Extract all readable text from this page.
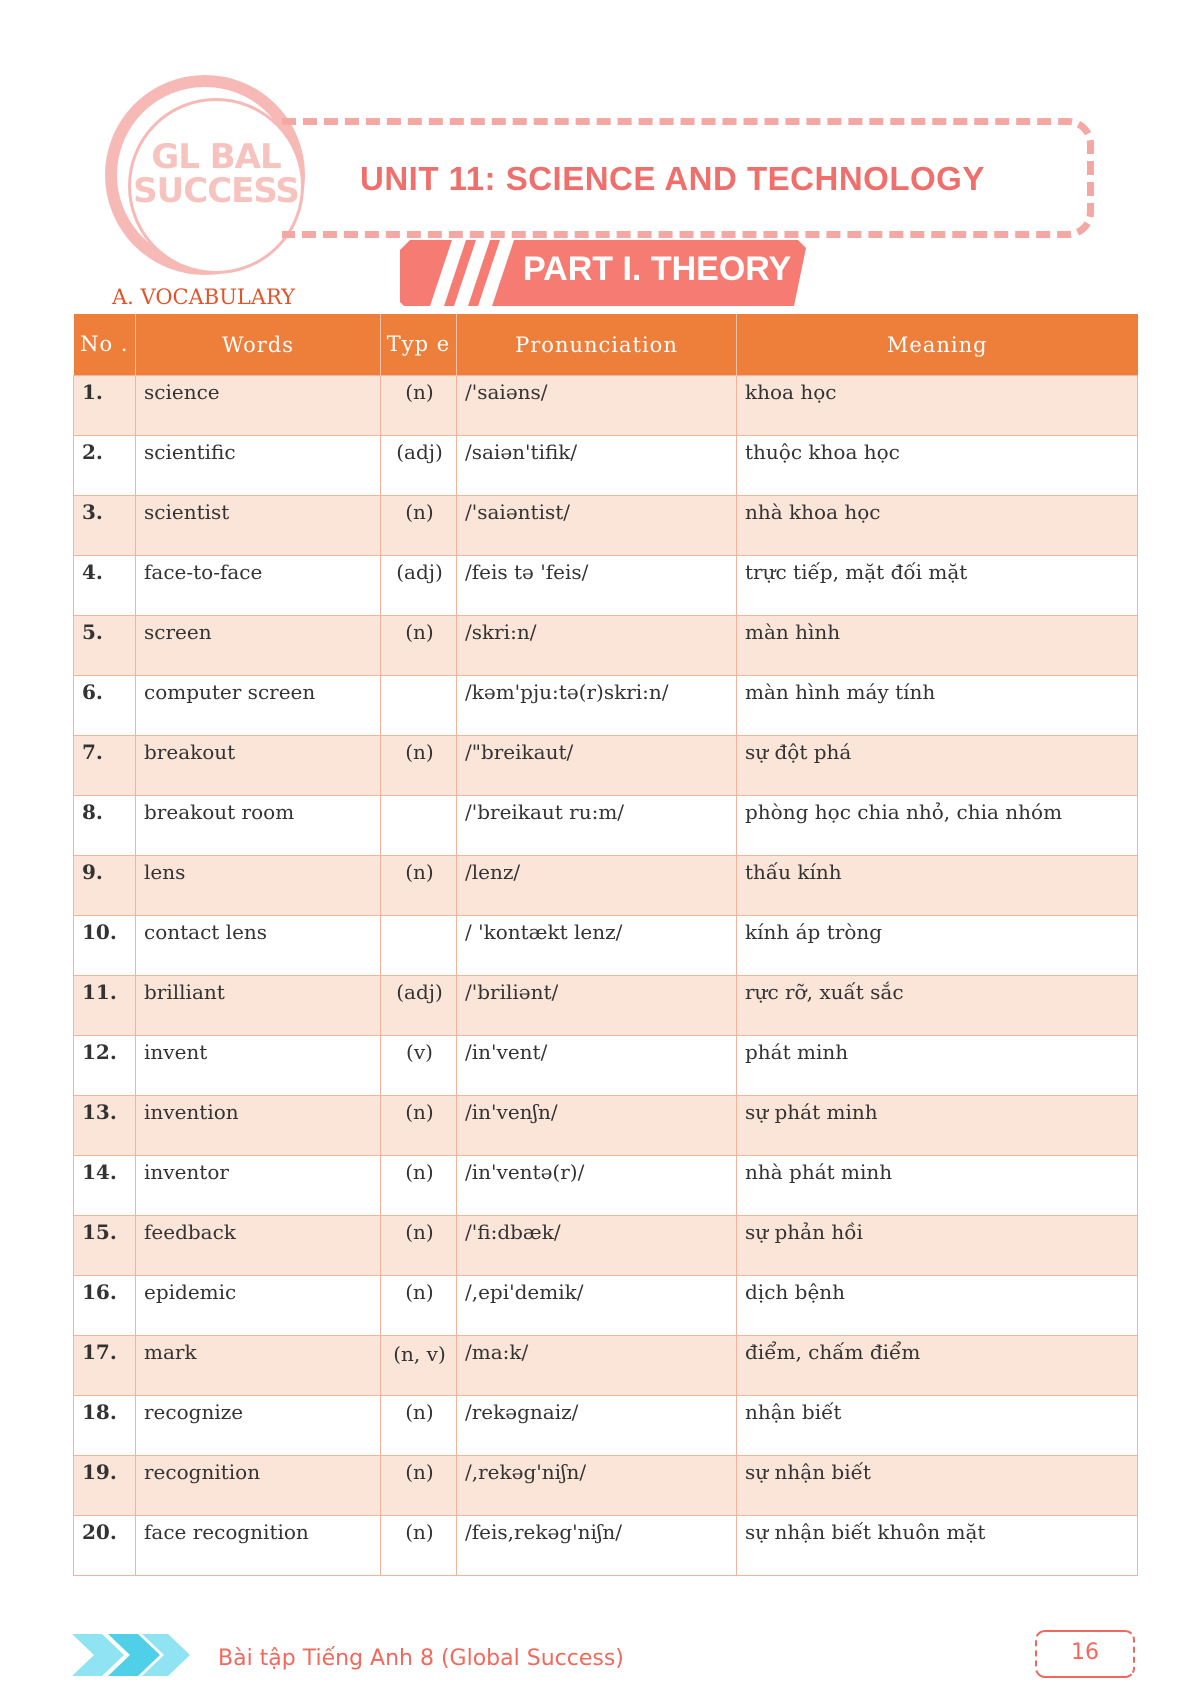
GL BAL
SUCCESS UNIT 11: SCIENCE AND TECHNOLOGY
PART I. THEORY
A. VOCABULARY
No .	Words	Typ e	Pronunciation	Meaning
1.	science	(n)	/'saiəns/	khoa học
2.	scientific	(adj)	/saiən'tifik/	thuộc khoa học
3.	scientist	(n)	/'saiəntist/	nhà khoa học
4.	face-to-face	(adj)	/feis tə 'feis/	trực tiếp, mặt đối mặt
5.	screen	(n)	/skri:n/	màn hình
6.	computer screen		/kəm'pju:tə(r)skri:n/	màn hình máy tính
7.	breakout	(n)	/"breikaut/	sự đột phá
8.	breakout room		/'breikaut ru:m/	phòng học chia nhỏ, chia nhóm
9.	lens	(n)	/lenz/	thấu kính
10.	contact lens		/ 'kontækt lenz/	kính áp tròng
11.	brilliant	(adj)	/'briliənt/	rực rỡ, xuất sắc
12.	invent	(v)	/in'vent/	phát minh
13.	invention	(n)	/in'venʃn/	sự phát minh
14.	inventor	(n)	/in'ventə(r)/	nhà phát minh
15.	feedback	(n)	/'fi:dbæk/	sự phản hồi
16.	epidemic	(n)	/,epi'demik/	dịch bệnh
17.	mark	(n, v)	/ma:k/	điểm, chấm điểm
18.	recognize	(n)	/rekəgnaiz/	nhận biết
19.	recognition	(n)	/,rekəg'niʃn/	sự nhận biết
20.	face recognition	(n)	/feis,rekəg'niʃn/	sự nhận biết khuôn mặt
Bài tập Tiếng Anh 8 (Global Success)	16
